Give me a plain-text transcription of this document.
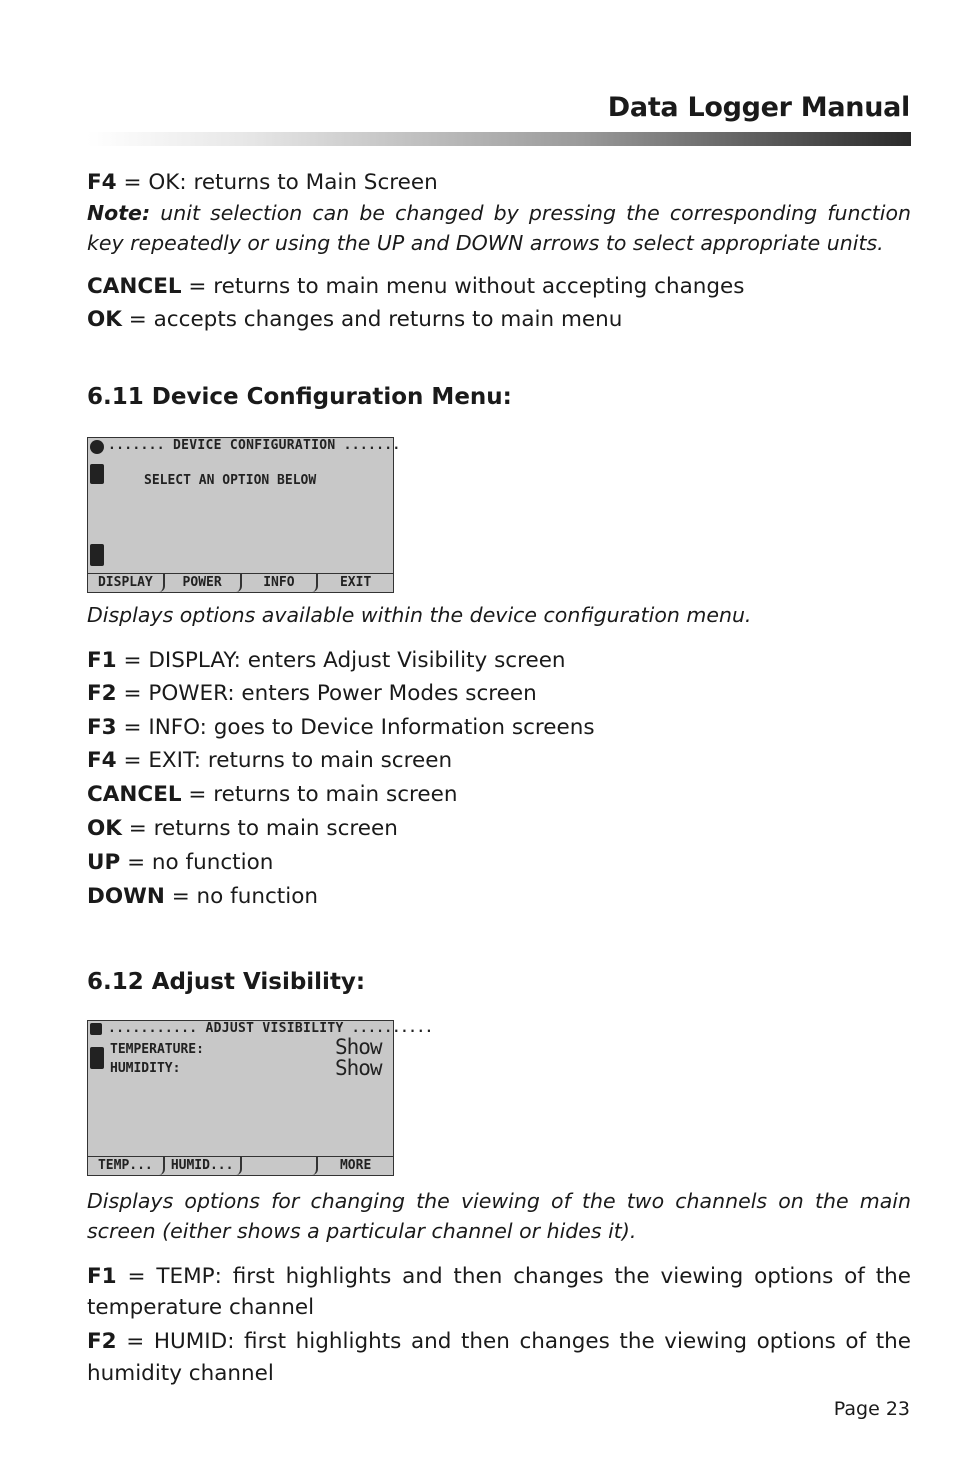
Data Logger Manual
F4 = OK: returns to Main Screen
Note: unit selection can be changed by pressing the corresponding function key repeatedly or using the UP and DOWN arrows to select appropriate units.
CANCEL = returns to main menu without accepting changes
OK = accepts changes and returns to main menu
6.11 Device Configuration Menu:
....... DEVICE CONFIGURATION .......
SELECT AN OPTION BELOW
DISPLAY	POWER	INFO	EXIT
Displays options available within the device configuration menu.
F1 = DISPLAY: enters Adjust Visibility screen
F2 = POWER: enters Power Modes screen
F3 = INFO: goes to Device Information screens
F4 = EXIT: returns to main screen
CANCEL = returns to main screen
OK = returns to main screen
UP = no function
DOWN = no function
6.12 Adjust Visibility:
........... ADJUST VISIBILITY ..........
TEMPERATURE:	Show
HUMIDITY:	Show
TEMP...	HUMID...	MORE
Displays options for changing the viewing of the two channels on the main screen (either shows a particular channel or hides it).
F1 = TEMP: first highlights and then changes the viewing options of the temperature channel
F2 = HUMID: first highlights and then changes the viewing options of the humidity channel
Page 23
